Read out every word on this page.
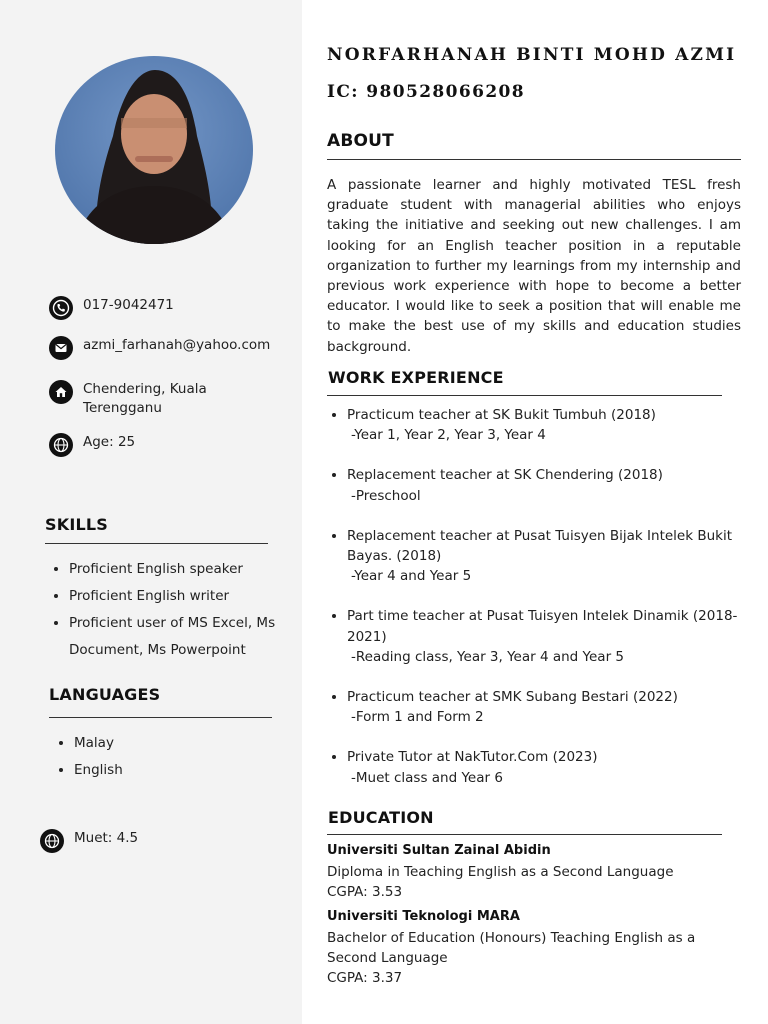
017-9042471
azmi_farhanah@yahoo.com
Chendering, Kuala Terengganu
Age: 25
SKILLS
• Proficient English speaker
• Proficient English writer
• Proficient user of MS Excel, Ms Document, Ms Powerpoint
LANGUAGES
• Malay
• English
Muet: 4.5
NORFARHANAH BINTI MOHD AZMI
IC: 980528066208
ABOUT

A passionate learner and highly motivated TESL fresh graduate student with managerial abilities who enjoys taking the initiative and seeking out new challenges. I am looking for an English teacher position in a reputable organization to further my learnings from my internship and previous work experience with hope to become a better educator. I would like to seek a position that will enable me to make the best use of my skills and education studies background.

WORK EXPERIENCE
• Practicum teacher at SK Bukit Tumbuh (2018)
-Year 1, Year 2, Year 3, Year 4
• Replacement teacher at SK Chendering (2018)
-Preschool
• Replacement teacher at Pusat Tuisyen Bijak Intelek Bukit Bayas. (2018)
-Year 4 and Year 5
• Part time teacher at Pusat Tuisyen Intelek Dinamik (2018-2021)
-Reading class, Year 3, Year 4 and Year 5
• Practicum teacher at SMK Subang Bestari (2022)
-Form 1 and Form 2
• Private Tutor at NakTutor.Com (2023)
-Muet class and Year 6
EDUCATION
Universiti Sultan Zainal Abidin
Diploma in Teaching English as a Second Language
CGPA: 3.53
Universiti Teknologi MARA
Bachelor of Education (Honours) Teaching English as a Second Language
CGPA: 3.37
